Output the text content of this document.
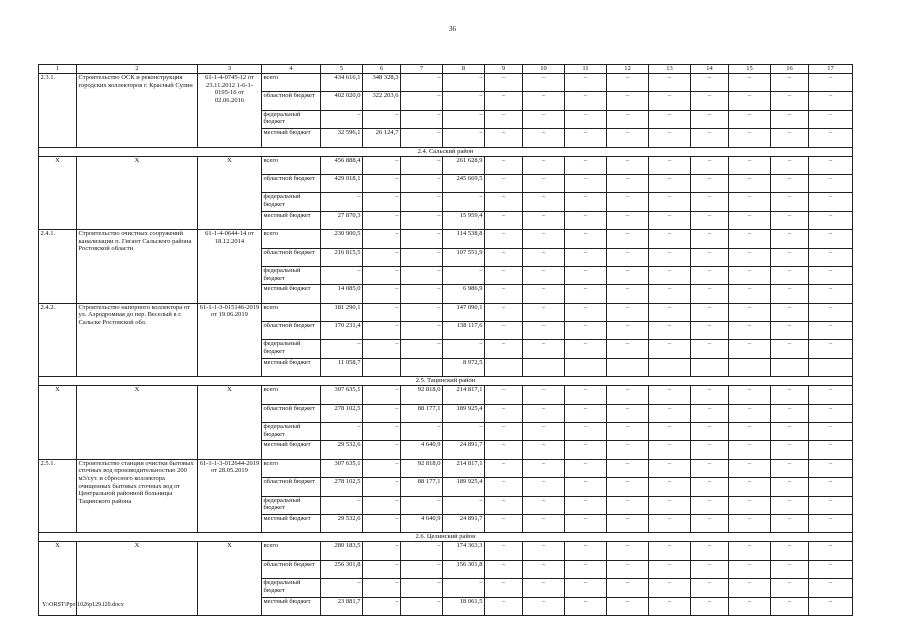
36
1	2	3	4	5	6	7	8	9	10	11	12	13	14	15	16	17
2.3.1.	Строительство ОСК и реконструкция городских коллекторов г. Красный Сулин	61-1-4-0745-12 от 23.11.2012 1-6-1-0195-16 от 02.06.2016	всего	434 616,1	348 328,3	–	–	–	–	–	–	–	–	–	–	–
			областной бюджет	402 020,0	322 203,6	–	–	–	–	–	–	–	–	–	–	–
			федеральный бюджет	–	–	–	–	–	–	–	–	–	–	–	–	–
			местный бюджет	32 596,1	26 124,7	–	–	–	–	–	–	–	–	–	–	–
2.4. Сальский район																
X	X	X	всего	456 888,4	–	–	261 628,9	–	–	–	–	–	–	–	–	–
			областной бюджет	429 018,1	–	–	245 669,5	–	–	–	–	–	–	–	–	–
			федеральный бюджет	–	–	–	–	–	–	–	–	–	–	–	–	–
			местный бюджет	27 870,3	–	–	15 959,4	–	–	–	–	–	–	–	–	–
2.4.1.	Строительство очистных сооружений канализации п. Гигант Сальского района Ростовской области	61-1-4-0644-14 от 18.12.2014	всего	230 900,5	–	–	114 538,8	–	–	–	–	–	–	–	–	–
			областной бюджет	216 815,5	–	–	107 551,9	–	–	–	–	–	–	–	–	–
			федеральный бюджет	–	–	–	–	–	–	–	–	–	–	–	–	–
			местный бюджет	14 085,0	–	–	6 986,9	–	–	–	–	–	–	–	–	–
2.4.2.	Строительство напорного коллектора от ул. Аэродромная до пер. Веселый в г. Сальске Ростовской обл.	61-1-1-3-015146-2019 от 19.06.2019	всего	181 290,1	–	–	147 090,1	–	–	–	–	–	–	–	–	–
			областной бюджет	170 231,4	–	–	138 117,6	–	–	–	–	–	–	–	–	–
			федеральный бюджет	–	–	–	–	–	–	–	–	–	–	–	–	–
			местный бюджет	11 058,7			8 972,5									
2.5. Тацинский район																
X	X	X	всего	307 635,1	–	92 818,0	214 817,1	–	–	–	–	–	–	–	–	–
			областной бюджет	278 102,5	–	88 177,1	189 925,4	–	–	–	–	–	–	–	–	–
			федеральный бюджет	–	–	–	–	–	–	–	–	–	–	–	–	–
			местный бюджет	29 532,6	–	4 640,9	24 891,7	–	–	–	–	–	–	–	–	–
2.5.1.	Строительство станции очистки бытовых сточных вод производительностью 200 м3/сут. и сбросного коллектора очищенных бытовых сточных вод от Центральной районной больницы Тацинского района	61-1-1-3-012644-2019 от 28.05.2019	всего	307 635,1	–	92 818,0	214 817,1	–	–	–	–	–	–	–	–	–
			областной бюджет	278 102,5	–	88 177,1	189 925,4	–	–	–	–	–	–	–	–	–
			федеральный бюджет	–	–	–	–	–	–	–	–	–	–	–	–	–
			местный бюджет	29 532,6	–	4 640,9	24 891,7	–	–	–	–	–	–	–	–	–
2.6. Целинский район																
X	X	X	всего	280 183,5	–	–	174 363,3	–	–	–	–	–	–	–	–	–
			областной бюджет	256 301,8	–	–	156 301,8	–	–	–	–	–	–	–	–	–
			федеральный бюджет	–	–	–	–	–	–	–	–	–	–	–	–	–
			местный бюджет	23 881,7	–	–	18 061,5	–	–	–	–	–	–	–	–	–
Y:\ORST\Ppo\1026p129.f20.docx
